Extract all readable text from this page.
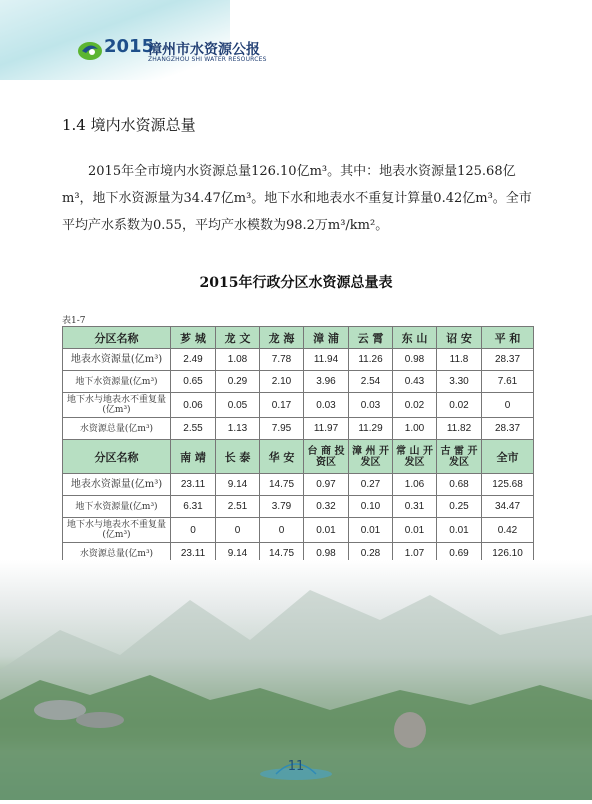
2015
漳州市水资源公报
ZHANGZHOU SHI WATER RESOURCES
1.4 境内水资源总量
2015年全市境内水资源总量126.10亿m³。其中：地表水资源量125.68亿m³，地下水资源量为34.47亿m³。地下水和地表水不重复计算量0.42亿m³。全市平均产水系数为0.55，平均产水模数为98.2万m³/km²。
2015年行政分区水资源总量表
表1-7
分区名称	芗 城	龙 文	龙 海	漳 浦	云 霄	东 山	诏 安	平 和
地表水资源量(亿m³)	2.49	1.08	7.78	11.94	11.26	0.98	11.8	28.37
地下水资源量(亿m³)	0.65	0.29	2.10	3.96	2.54	0.43	3.30	7.61
地下水与地表水不重复量(亿m³)	0.06	0.05	0.17	0.03	0.03	0.02	0.02	0
水资源总量(亿m³)	2.55	1.13	7.95	11.97	11.29	1.00	11.82	28.37
分区名称	南 靖	长 泰	华 安	台 商 投资区	漳 州 开发区	常 山 开发区	古 雷 开发区	全市
地表水资源量(亿m³)	23.11	9.14	14.75	0.97	0.27	1.06	0.68	125.68
地下水资源量(亿m³)	6.31	2.51	3.79	0.32	0.10	0.31	0.25	34.47
地下水与地表水不重复量(亿m³)	0	0	0	0.01	0.01	0.01	0.01	0.42
水资源总量(亿m³)	23.11	9.14	14.75	0.98	0.28	1.07	0.69	126.10
11
